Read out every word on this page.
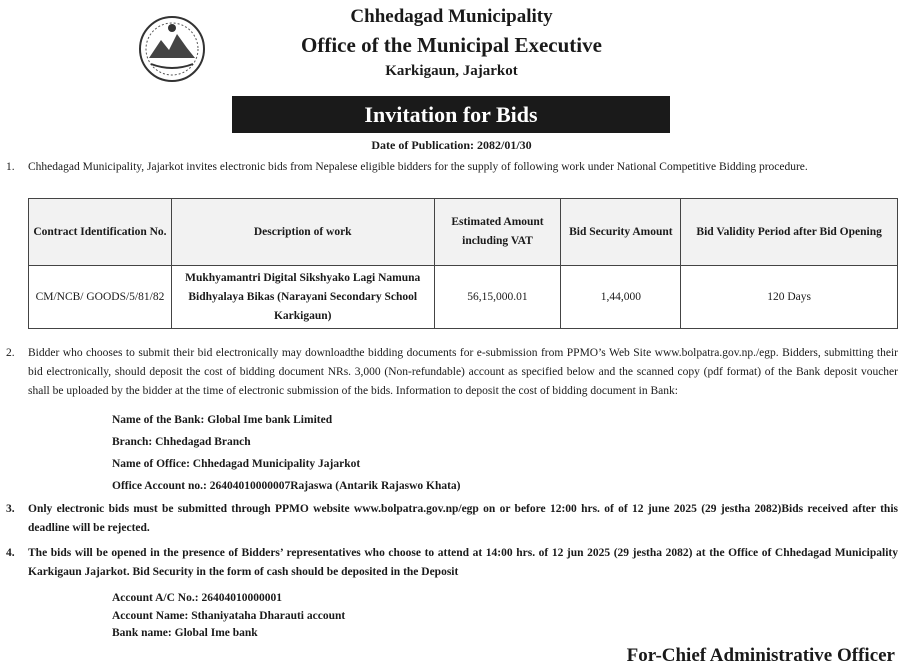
Chhedagad Municipality
Office of the Municipal Executive
Karkigaun, Jajarkot
Invitation for Bids
Date of Publication: 2082/01/30
1.	Chhedagad Municipality, Jajarkot invites electronic bids from Nepalese eligible bidders for the supply of following work under National Competitive Bidding procedure.
Contract Identification No.	Description of work	Estimated Amount including VAT	Bid Security Amount	Bid Validity Period after Bid Opening
CM/NCB/ GOODS/5/81/82	Mukhyamantri Digital Sikshyako Lagi Namuna Bidhyalaya Bikas (Narayani Secondary School Karkigaun)	56,15,000.01	1,44,000	120 Days
2.	Bidder who chooses to submit their bid electronically may downloadthe bidding documents for e-submission from PPMO’s Web Site www.bolpatra.gov.np./egp. Bidders, submitting their bid electronically, should deposit the cost of bidding document NRs. 3,000 (Non-refundable) account as specified below and the scanned copy (pdf format) of the Bank deposit voucher shall be uploaded by the bidder at the time of electronic submission of the bids. Information to deposit the cost of bidding document in Bank:
Name of the Bank: Global Ime bank Limited
Branch: Chhedagad Branch
Name of Office: Chhedagad Municipality Jajarkot
Office Account no.: 26404010000007Rajaswa (Antarik Rajaswo Khata)
3.	Only electronic bids must be submitted through PPMO website www.bolpatra.gov.np/egp on or before 12:00 hrs. of of 12 june 2025 (29 jestha 2082)Bids received after this deadline will be rejected.
4.	The bids will be opened in the presence of Bidders’ representatives who choose to attend at 14:00 hrs. of 12 jun 2025 (29 jestha 2082) at the Office of Chhedagad Municipality Karkigaun Jajarkot. Bid Security in the form of cash should be deposited in the Deposit
Account A/C No.: 26404010000001
Account Name: Sthaniyataha Dharauti account
Bank name: Global Ime bank
For-Chief Administrative Officer
